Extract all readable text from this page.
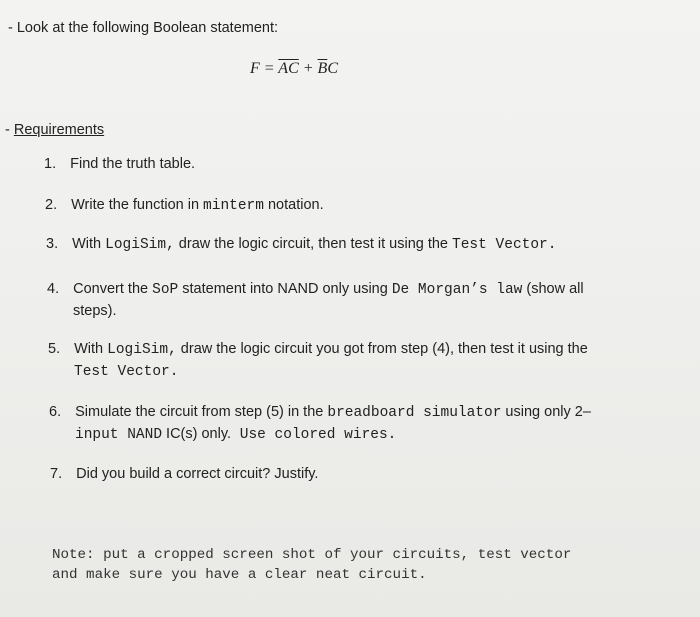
- Look at the following Boolean statement:
$F = \overline{A}\overline{C} + \overline{B}C$
- Requirements
1. Find the truth table.
2. Write the function in minterm notation.
3. With LogiSim, draw the logic circuit, then test it using the Test Vector.
4. Convert the SoP statement into NAND only using De Morgan’s law (show all
steps).
5. With LogiSim, draw the logic circuit you got from step (4), then test it using the
Test Vector.
6. Simulate the circuit from step (5) in the breadboard simulator using only 2–
input NAND IC(s) only. Use colored wires.
7. Did you build a correct circuit? Justify.
Note: put a cropped screen shot of your circuits, test vector
and make sure you have a clear neat circuit.
